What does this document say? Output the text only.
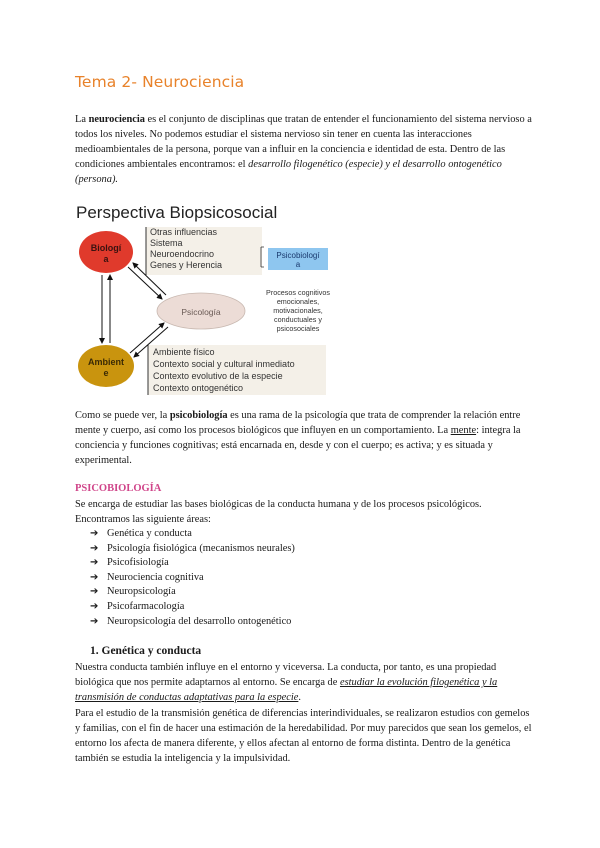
Tema 2- Neurociencia
La neurociencia es el conjunto de disciplinas que tratan de entender el funcionamiento del sistema nervioso a todos los niveles. No podemos estudiar el sistema nervioso sin tener en cuenta las interacciones medioambientales de la persona, porque van a influir en la conciencia e identidad de esta. Dentro de las condiciones ambientales encontramos: el desarrollo filogenético (especie) y el desarrollo ontogenético (persona).
Perspectiva Biopsicosocial
Otras influencias
Sistema
Neuroendocrino
Genes y Herencia
Psicobiologí
a
Biologí
a
Psicología
Procesos cognitivos
emocionales,
motivacionales,
conductuales y
psicosociales
Ambient
e
Ambiente físico
Contexto social y cultural inmediato
Contexto evolutivo de la especie
Contexto ontogenético
Como se puede ver, la psicobiología es una rama de la psicología que trata de comprender la relación entre mente y cuerpo, así como los procesos biológicos que influyen en un comportamiento. La mente: integra la conciencia y funciones cognitivas; está encarnada en, desde y con el cuerpo; es activa; y es situada y experimental.
PSICOBIOLOGÍA
Se encarga de estudiar las bases biológicas de la conducta humana y de los procesos psicológicos. Encontramos las siguiente áreas:
➔ Genética y conducta
➔ Psicología fisiológica (mecanismos neurales)
➔ Psicofisiología
➔ Neurociencia cognitiva
➔ Neuropsicología
➔ Psicofarmacología
➔ Neuropsicología del desarrollo ontogenético
1. Genética y conducta
Nuestra conducta también influye en el entorno y viceversa. La conducta, por tanto, es una propiedad biológica que nos permite adaptarnos al entorno. Se encarga de estudiar la evolución filogenética y la transmisión de conductas adaptativas para la especie.
Para el estudio de la transmisión genética de diferencias interindividuales, se realizaron estudios con gemelos y familias, con el fin de hacer una estimación de la heredabilidad. Por muy parecidos que sean los gemelos, el entorno los afecta de manera diferente, y ellos afectan al entorno de forma distinta. Dentro de la genética también se estudia la inteligencia y la impulsividad.
